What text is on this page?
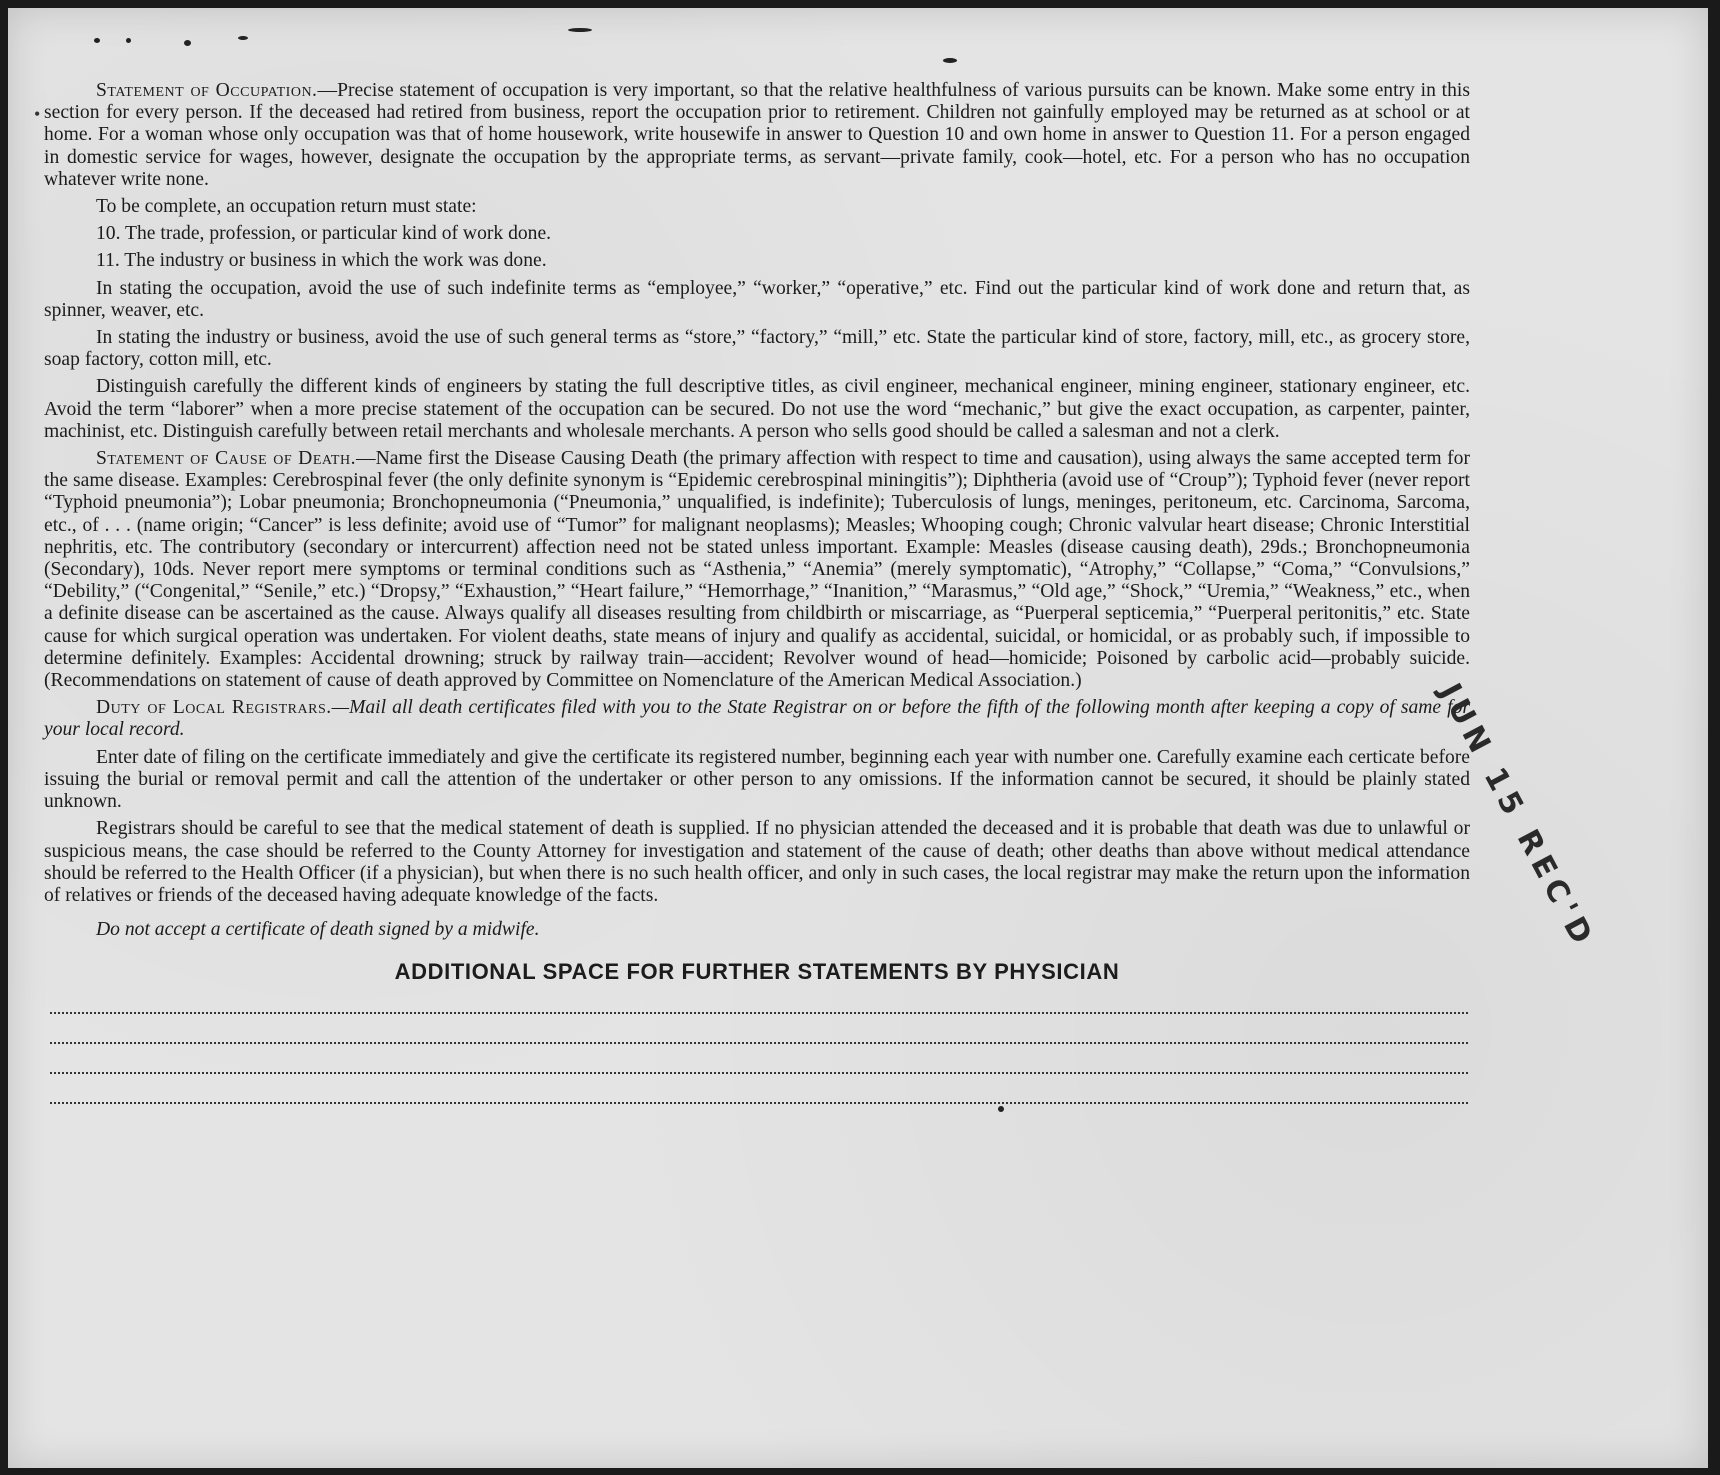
Statement of Occupation.—Precise statement of occupation is very important, so that the relative healthfulness of various pursuits can be known. Make some entry in this section for every person. If the deceased had retired from business, report the occupation prior to retirement. Children not gainfully employed may be returned as at school or at home. For a woman whose only occupation was that of home housework, write housewife in answer to Question 10 and own home in answer to Question 11. For a person engaged in domestic service for wages, however, designate the occupation by the appropriate terms, as servant—private family, cook—hotel, etc. For a person who has no occupation whatever write none.

To be complete, an occupation return must state:

10. The trade, profession, or particular kind of work done.

11. The industry or business in which the work was done.

In stating the occupation, avoid the use of such indefinite terms as “employee,” “worker,” “operative,” etc. Find out the particular kind of work done and return that, as spinner, weaver, etc.

In stating the industry or business, avoid the use of such general terms as “store,” “factory,” “mill,” etc. State the particular kind of store, factory, mill, etc., as grocery store, soap factory, cotton mill, etc.

Distinguish carefully the different kinds of engineers by stating the full descriptive titles, as civil engineer, mechanical engineer, mining engineer, stationary engineer, etc. Avoid the term “laborer” when a more precise statement of the occupation can be secured. Do not use the word “mechanic,” but give the exact occupation, as carpenter, painter, machinist, etc. Distinguish carefully between retail merchants and wholesale merchants. A person who sells good should be called a salesman and not a clerk.

Statement of Cause of Death.—Name first the Disease Causing Death (the primary affection with respect to time and causation), using always the same accepted term for the same disease. Examples: Cerebrospinal fever (the only definite synonym is “Epidemic cerebrospinal miningitis”); Diphtheria (avoid use of “Croup”); Typhoid fever (never report “Typhoid pneumonia”); Lobar pneumonia; Bronchopneumonia (“Pneumonia,” unqualified, is indefinite); Tuberculosis of lungs, meninges, peritoneum, etc. Carcinoma, Sarcoma, etc., of . . . (name origin; “Cancer” is less definite; avoid use of “Tumor” for malignant neoplasms); Measles; Whooping cough; Chronic valvular heart disease; Chronic Interstitial nephritis, etc. The contributory (secondary or intercurrent) affection need not be stated unless important. Example: Measles (disease causing death), 29ds.; Bronchopneumonia (Secondary), 10ds. Never report mere symptoms or terminal conditions such as “Asthenia,” “Anemia” (merely symptomatic), “Atrophy,” “Collapse,” “Coma,” “Convulsions,” “Debility,” (“Congenital,” “Senile,” etc.) “Dropsy,” “Exhaustion,” “Heart failure,” “Hemorrhage,” “Inanition,” “Marasmus,” “Old age,” “Shock,” “Uremia,” “Weakness,” etc., when a definite disease can be ascertained as the cause. Always qualify all diseases resulting from childbirth or miscarriage, as “Puerperal septicemia,” “Puerperal peritonitis,” etc. State cause for which surgical operation was undertaken. For violent deaths, state means of injury and qualify as accidental, suicidal, or homicidal, or as probably such, if impossible to determine definitely. Examples: Accidental drowning; struck by railway train—accident; Revolver wound of head—homicide; Poisoned by carbolic acid—probably suicide. (Recommendations on statement of cause of death approved by Committee on Nomenclature of the American Medical Association.)

Duty of Local Registrars.—Mail all death certificates filed with you to the State Registrar on or before the fifth of the following month after keeping a copy of same for your local record.

Enter date of filing on the certificate immediately and give the certificate its registered number, beginning each year with number one. Carefully examine each certicate before issuing the burial or removal permit and call the attention of the undertaker or other person to any omissions. If the information cannot be secured, it should be plainly stated unknown.

Registrars should be careful to see that the medical statement of death is supplied. If no physician attended the deceased and it is probable that death was due to unlawful or suspicious means, the case should be referred to the County Attorney for investigation and statement of the cause of death; other deaths than above without medical attendance should be referred to the Health Officer (if a physician), but when there is no such health officer, and only in such cases, the local registrar may make the return upon the information of relatives or friends of the deceased having adequate knowledge of the facts.

Do not accept a certificate of death signed by a midwife.

ADDITIONAL SPACE FOR FURTHER STATEMENTS BY PHYSICIAN
JUN 15 REC'D
•
